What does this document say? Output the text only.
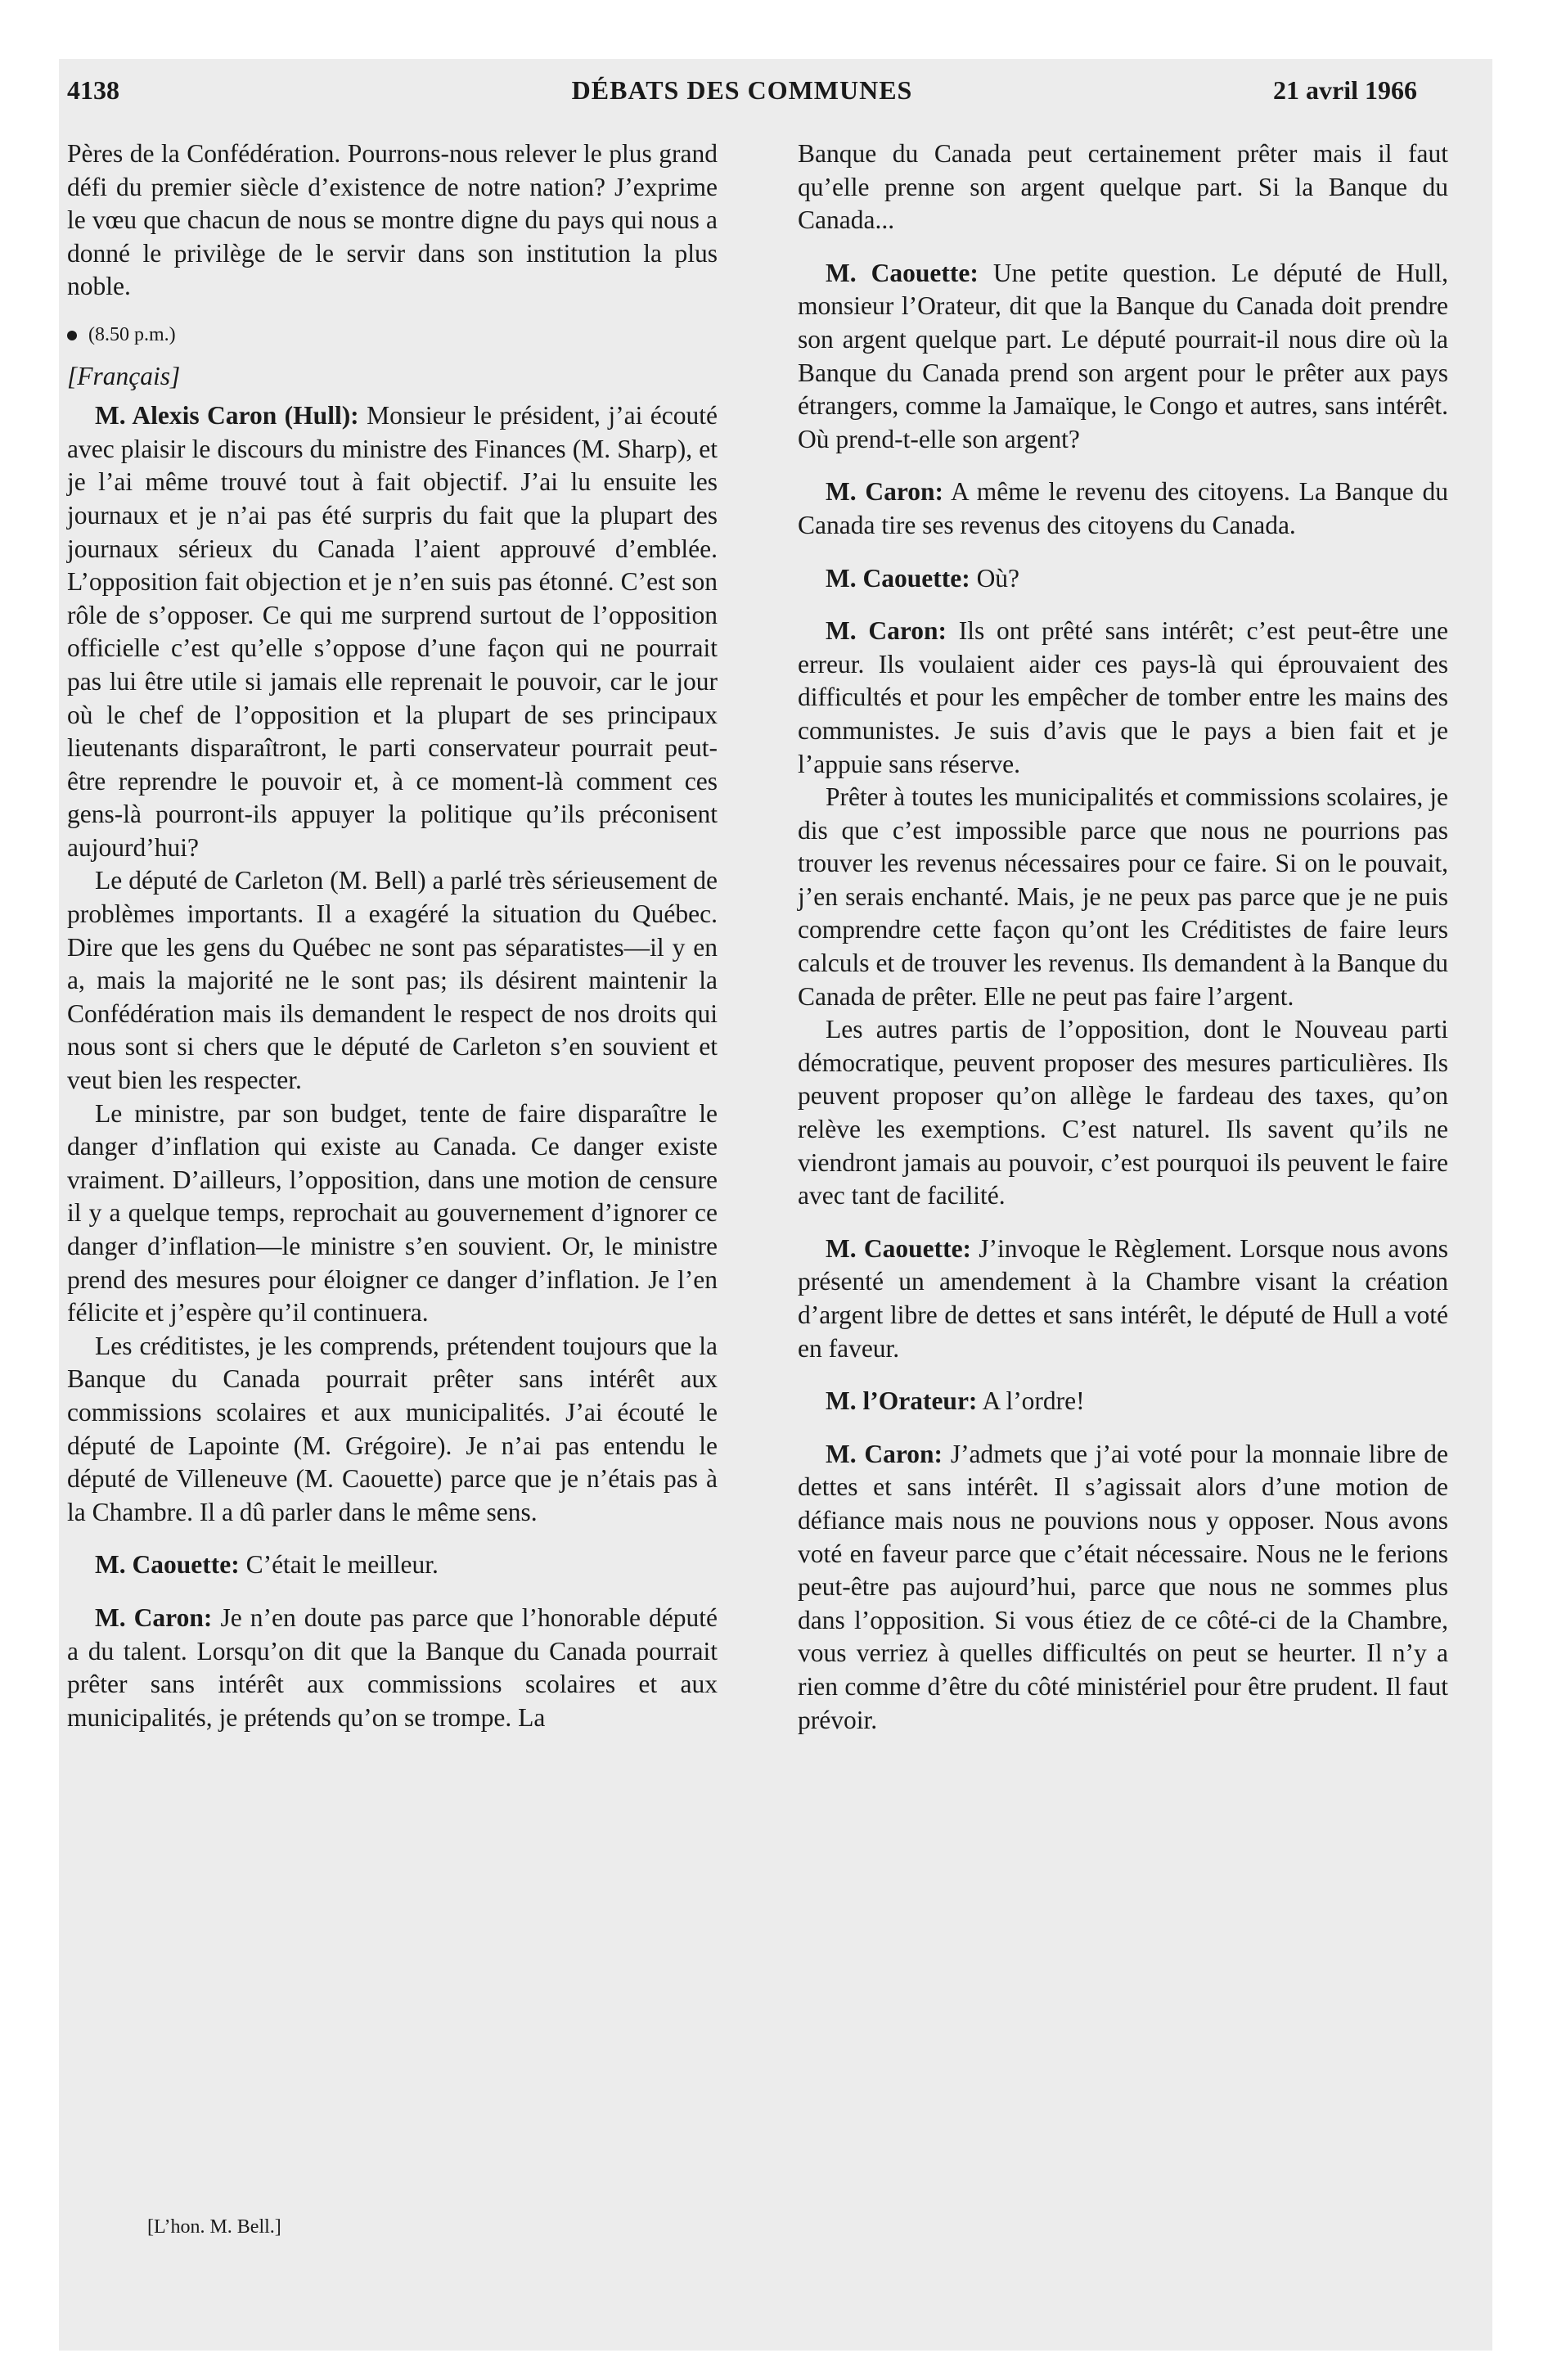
4138	DÉBATS DES COMMUNES	21 avril 1966

Pères de la Confédération. Pourrons-nous relever le plus grand défi du premier siècle d’existence de notre nation? J’exprime le vœu que chacun de nous se montre digne du pays qui nous a donné le privilège de le servir dans son institution la plus noble.

(8.50 p.m.)
[Français]

M. Alexis Caron (Hull): Monsieur le président, j’ai écouté avec plaisir le discours du ministre des Finances (M. Sharp), et je l’ai même trouvé tout à fait objectif. J’ai lu ensuite les journaux et je n’ai pas été surpris du fait que la plupart des journaux sérieux du Canada l’aient approuvé d’emblée. L’opposition fait objection et je n’en suis pas étonné. C’est son rôle de s’opposer. Ce qui me surprend surtout de l’opposition officielle c’est qu’elle s’oppose d’une façon qui ne pourrait pas lui être utile si jamais elle reprenait le pouvoir, car le jour où le chef de l’opposition et la plupart de ses principaux lieutenants disparaîtront, le parti conservateur pourrait peut-être reprendre le pouvoir et, à ce moment-là comment ces gens-là pourront-ils appuyer la politique qu’ils préconisent aujourd’hui?

Le député de Carleton (M. Bell) a parlé très sérieusement de problèmes importants. Il a exagéré la situation du Québec. Dire que les gens du Québec ne sont pas séparatistes—il y en a, mais la majorité ne le sont pas; ils désirent maintenir la Confédération mais ils demandent le respect de nos droits qui nous sont si chers que le député de Carleton s’en souvient et veut bien les respecter.

Le ministre, par son budget, tente de faire disparaître le danger d’inflation qui existe au Canada. Ce danger existe vraiment. D’ailleurs, l’opposition, dans une motion de censure il y a quelque temps, reprochait au gouvernement d’ignorer ce danger d’inflation—le ministre s’en souvient. Or, le ministre prend des mesures pour éloigner ce danger d’inflation. Je l’en félicite et j’espère qu’il continuera.

Les créditistes, je les comprends, prétendent toujours que la Banque du Canada pourrait prêter sans intérêt aux commissions scolaires et aux municipalités. J’ai écouté le député de Lapointe (M. Grégoire). Je n’ai pas entendu le député de Villeneuve (M. Caouette) parce que je n’étais pas à la Chambre. Il a dû parler dans le même sens.

M. Caouette: C’était le meilleur.

M. Caron: Je n’en doute pas parce que l’honorable député a du talent. Lorsqu’on dit que la Banque du Canada pourrait prêter sans intérêt aux commissions scolaires et aux municipalités, je prétends qu’on se trompe. La

Banque du Canada peut certainement prêter mais il faut qu’elle prenne son argent quelque part. Si la Banque du Canada...

M. Caouette: Une petite question. Le député de Hull, monsieur l’Orateur, dit que la Banque du Canada doit prendre son argent quelque part. Le député pourrait-il nous dire où la Banque du Canada prend son argent pour le prêter aux pays étrangers, comme la Jamaïque, le Congo et autres, sans intérêt. Où prend-t-elle son argent?

M. Caron: A même le revenu des citoyens. La Banque du Canada tire ses revenus des citoyens du Canada.

M. Caouette: Où?

M. Caron: Ils ont prêté sans intérêt; c’est peut-être une erreur. Ils voulaient aider ces pays-là qui éprouvaient des difficultés et pour les empêcher de tomber entre les mains des communistes. Je suis d’avis que le pays a bien fait et je l’appuie sans réserve.

Prêter à toutes les municipalités et commissions scolaires, je dis que c’est impossible parce que nous ne pourrions pas trouver les revenus nécessaires pour ce faire. Si on le pouvait, j’en serais enchanté. Mais, je ne peux pas parce que je ne puis comprendre cette façon qu’ont les Créditistes de faire leurs calculs et de trouver les revenus. Ils demandent à la Banque du Canada de prêter. Elle ne peut pas faire l’argent.

Les autres partis de l’opposition, dont le Nouveau parti démocratique, peuvent proposer des mesures particulières. Ils peuvent proposer qu’on allège le fardeau des taxes, qu’on relève les exemptions. C’est naturel. Ils savent qu’ils ne viendront jamais au pouvoir, c’est pourquoi ils peuvent le faire avec tant de facilité.

M. Caouette: J’invoque le Règlement. Lorsque nous avons présenté un amendement à la Chambre visant la création d’argent libre de dettes et sans intérêt, le député de Hull a voté en faveur.

M. l’Orateur: A l’ordre!

M. Caron: J’admets que j’ai voté pour la monnaie libre de dettes et sans intérêt. Il s’agissait alors d’une motion de défiance mais nous ne pouvions nous y opposer. Nous avons voté en faveur parce que c’était nécessaire. Nous ne le ferions peut-être pas aujourd’hui, parce que nous ne sommes plus dans l’opposition. Si vous étiez de ce côté-ci de la Chambre, vous verriez à quelles difficultés on peut se heurter. Il n’y a rien comme d’être du côté ministériel pour être prudent. Il faut prévoir.

[L’hon. M. Bell.]
